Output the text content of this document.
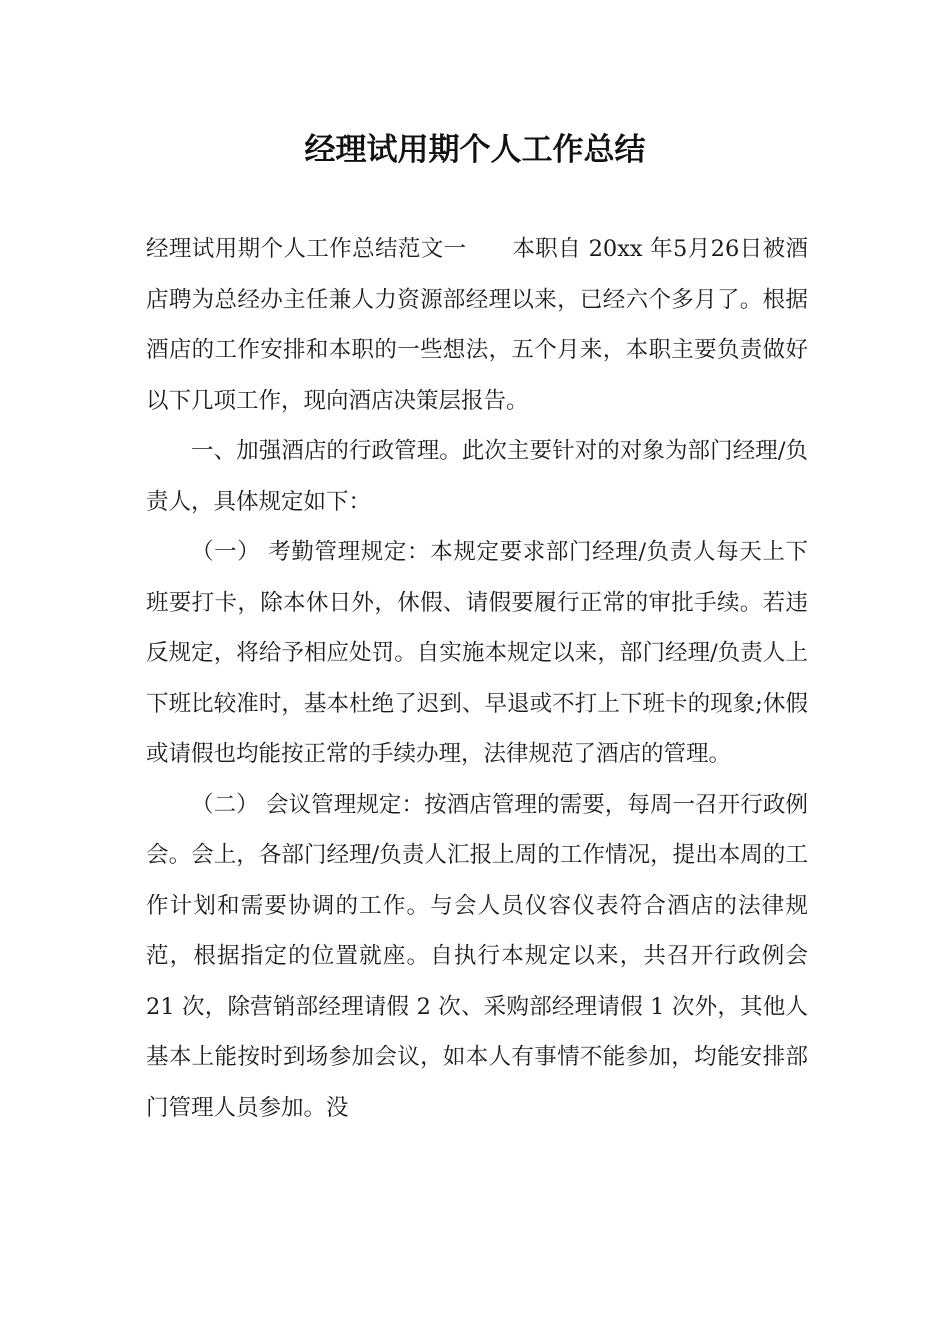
经理试用期个人工作总结

经理试用期个人工作总结范文一　　本职自 20xx 年5月26日被酒店聘为总经办主任兼人力资源部经理以来，已经六个多月了。根据酒店的工作安排和本职的一些想法，五个月来，本职主要负责做好以下几项工作，现向酒店决策层报告。

一、加强酒店的行政管理。此次主要针对的对象为部门经理/负责人，具体规定如下：

（一） 考勤管理规定：本规定要求部门经理/负责人每天上下班要打卡，除本休日外，休假、请假要履行正常的审批手续。若违反规定，将给予相应处罚。自实施本规定以来，部门经理/负责人上下班比较准时，基本杜绝了迟到、早退或不打上下班卡的现象;休假或请假也均能按正常的手续办理，法律规范了酒店的管理。

（二） 会议管理规定：按酒店管理的需要，每周一召开行政例会。会上，各部门经理/负责人汇报上周的工作情况，提出本周的工作计划和需要协调的工作。与会人员仪容仪表符合酒店的法律规范，根据指定的位置就座。自执行本规定以来，共召开行政例会 21 次，除营销部经理请假 2 次、采购部经理请假 1 次外，其他人基本上能按时到场参加会议，如本人有事情不能参加，均能安排部门管理人员参加。没
